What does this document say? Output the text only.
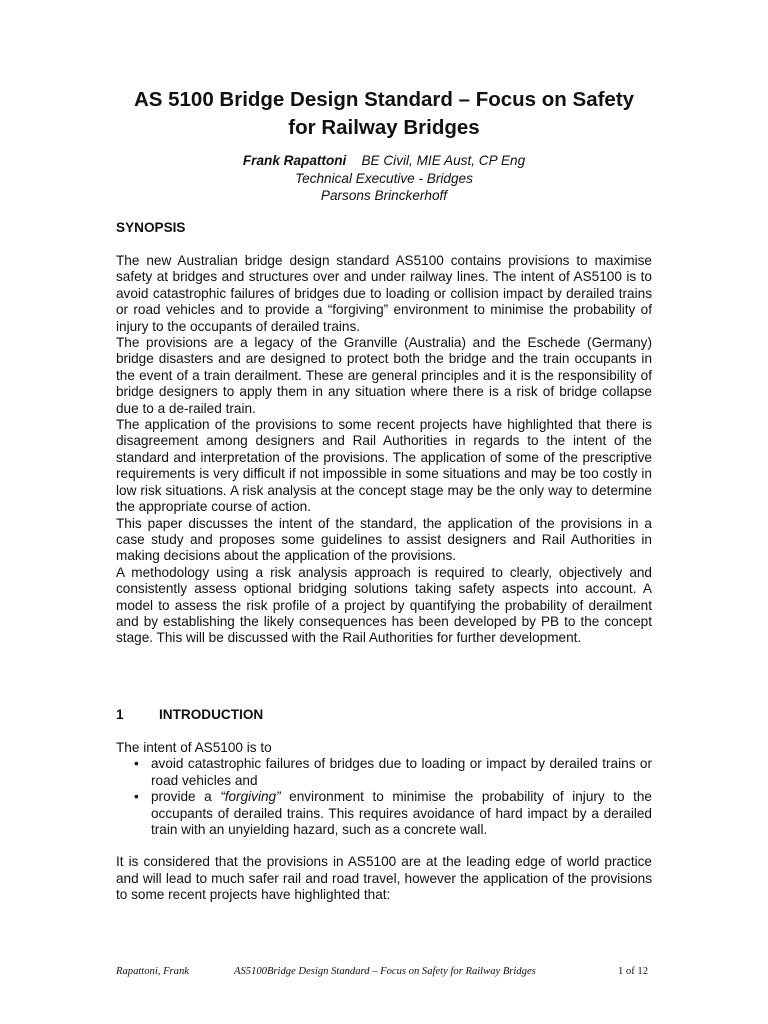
AS 5100 Bridge Design Standard – Focus on Safety
for Railway Bridges
Frank Rapattoni BE Civil, MIE Aust, CP Eng
Technical Executive - Bridges
Parsons Brinckerhoff
SYNOPSIS

The new Australian bridge design standard AS5100 contains provisions to maximise safety at bridges and structures over and under railway lines. The intent of AS5100 is to avoid catastrophic failures of bridges due to loading or collision impact by derailed trains or road vehicles and to provide a “forgiving” environment to minimise the probability of injury to the occupants of derailed trains.

The provisions are a legacy of the Granville (Australia) and the Eschede (Germany) bridge disasters and are designed to protect both the bridge and the train occupants in the event of a train derailment. These are general principles and it is the responsibility of bridge designers to apply them in any situation where there is a risk of bridge collapse due to a de-railed train.

The application of the provisions to some recent projects have highlighted that there is disagreement among designers and Rail Authorities in regards to the intent of the standard and interpretation of the provisions. The application of some of the prescriptive requirements is very difficult if not impossible in some situations and may be too costly in low risk situations. A risk analysis at the concept stage may be the only way to determine the appropriate course of action.

This paper discusses the intent of the standard, the application of the provisions in a case study and proposes some guidelines to assist designers and Rail Authorities in making decisions about the application of the provisions.

A methodology using a risk analysis approach is required to clearly, objectively and consistently assess optional bridging solutions taking safety aspects into account. A model to assess the risk profile of a project by quantifying the probability of derailment and by establishing the likely consequences has been developed by PB to the concept stage. This will be discussed with the Rail Authorities for further development.

1	INTRODUCTION

The intent of AS5100 is to

• avoid catastrophic failures of bridges due to loading or impact by derailed trains or road vehicles and
• provide a “forgiving” environment to minimise the probability of injury to the occupants of derailed trains. This requires avoidance of hard impact by a derailed train with an unyielding hazard, such as a concrete wall.

It is considered that the provisions in AS5100 are at the leading edge of world practice and will lead to much safer rail and road travel, however the application of the provisions to some recent projects have highlighted that:

Rapattoni, Frank	AS5100Bridge Design Standard – Focus on Safety for Railway Bridges	1 of 12
